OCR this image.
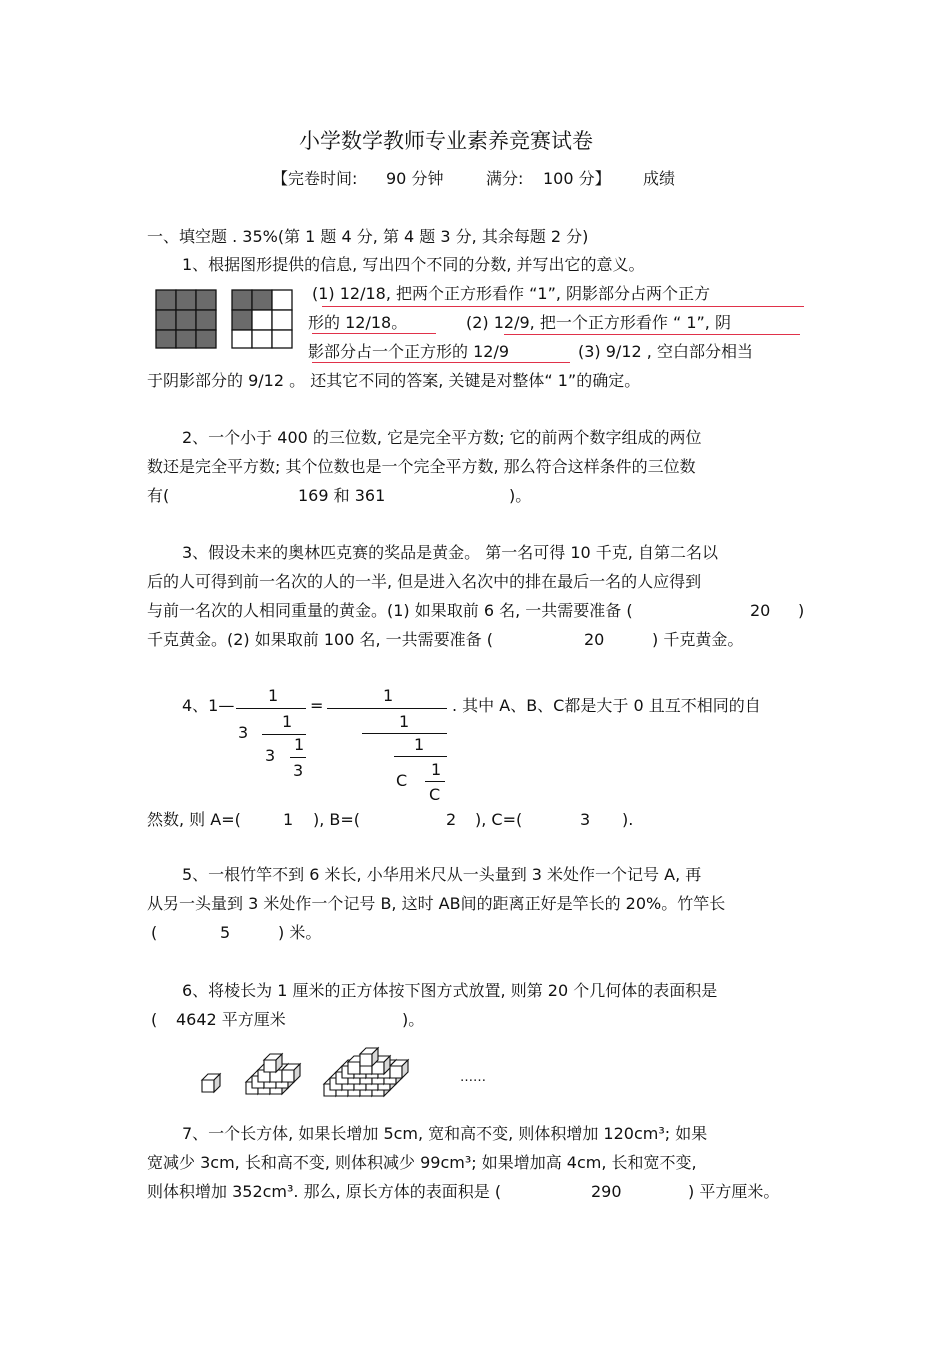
小学数学教师专业素养竞赛试卷
【完卷时间: 90 分钟	满分: 100 分】 成绩
一、填空题 . 35%(第 1 题 4 分, 第 4 题 3 分, 其余每题 2 分)
1、根据图形提供的信息, 写出四个不同的分数, 并写出它的意义。
(1) 12/18, 把两个正方形看作 “1”, 阴影部分占两个正方
形的 12/18。	(2) 12/9, 把一个正方形看作 “ 1”, 阴
影部分占一个正方形的 12/9	(3) 9/12 , 空白部分相当
于阴影部分的 9/12 。 还其它不同的答案, 关键是对整体“ 1”的确定。
2、一个小于 400 的三位数, 它是完全平方数; 它的前两个数字组成的两位
数还是完全平方数; 其个位数也是一个完全平方数, 那么符合这样条件的三位数
有(	169 和 361	)。
3、假设未来的奥林匹克赛的奖品是黄金。 第一名可得 10 千克, 自第二名以
后的人可得到前一名次的人的一半, 但是进入名次中的排在最后一名的人应得到
与前一名次的人相同重量的黄金。(1) 如果取前 6 名, 一共需要准备 (	20 )
千克黄金。(2) 如果取前 100 名, 一共需要准备 (	20	) 千克黄金。
4、1—
1
3
1
3
1
3
=
1
1
1
C
1
C
. 其中 A、B、C都是大于 0 且互不相同的自
然数, 则 A=(	1 ), B=(	2 ), C=(	3 ).
5、一根竹竿不到 6 米长, 小华用米尺从一头量到 3 米处作一个记号 A, 再
从另一头量到 3 米处作一个记号 B, 这时 AB间的距离正好是竿长的 20%。竹竿长
(	5	) 米。
6、将棱长为 1 厘米的正方体按下图方式放置, 则第 20 个几何体的表面积是
( 4642 平方厘米	)。
……
7、一个长方体, 如果长增加 5cm, 宽和高不变, 则体积增加 120cm³; 如果
宽减少 3cm, 长和高不变, 则体积减少 99cm³; 如果增加高 4cm, 长和宽不变,
则体积增加 352cm³. 那么, 原长方体的表面积是 (	290	) 平方厘米。
